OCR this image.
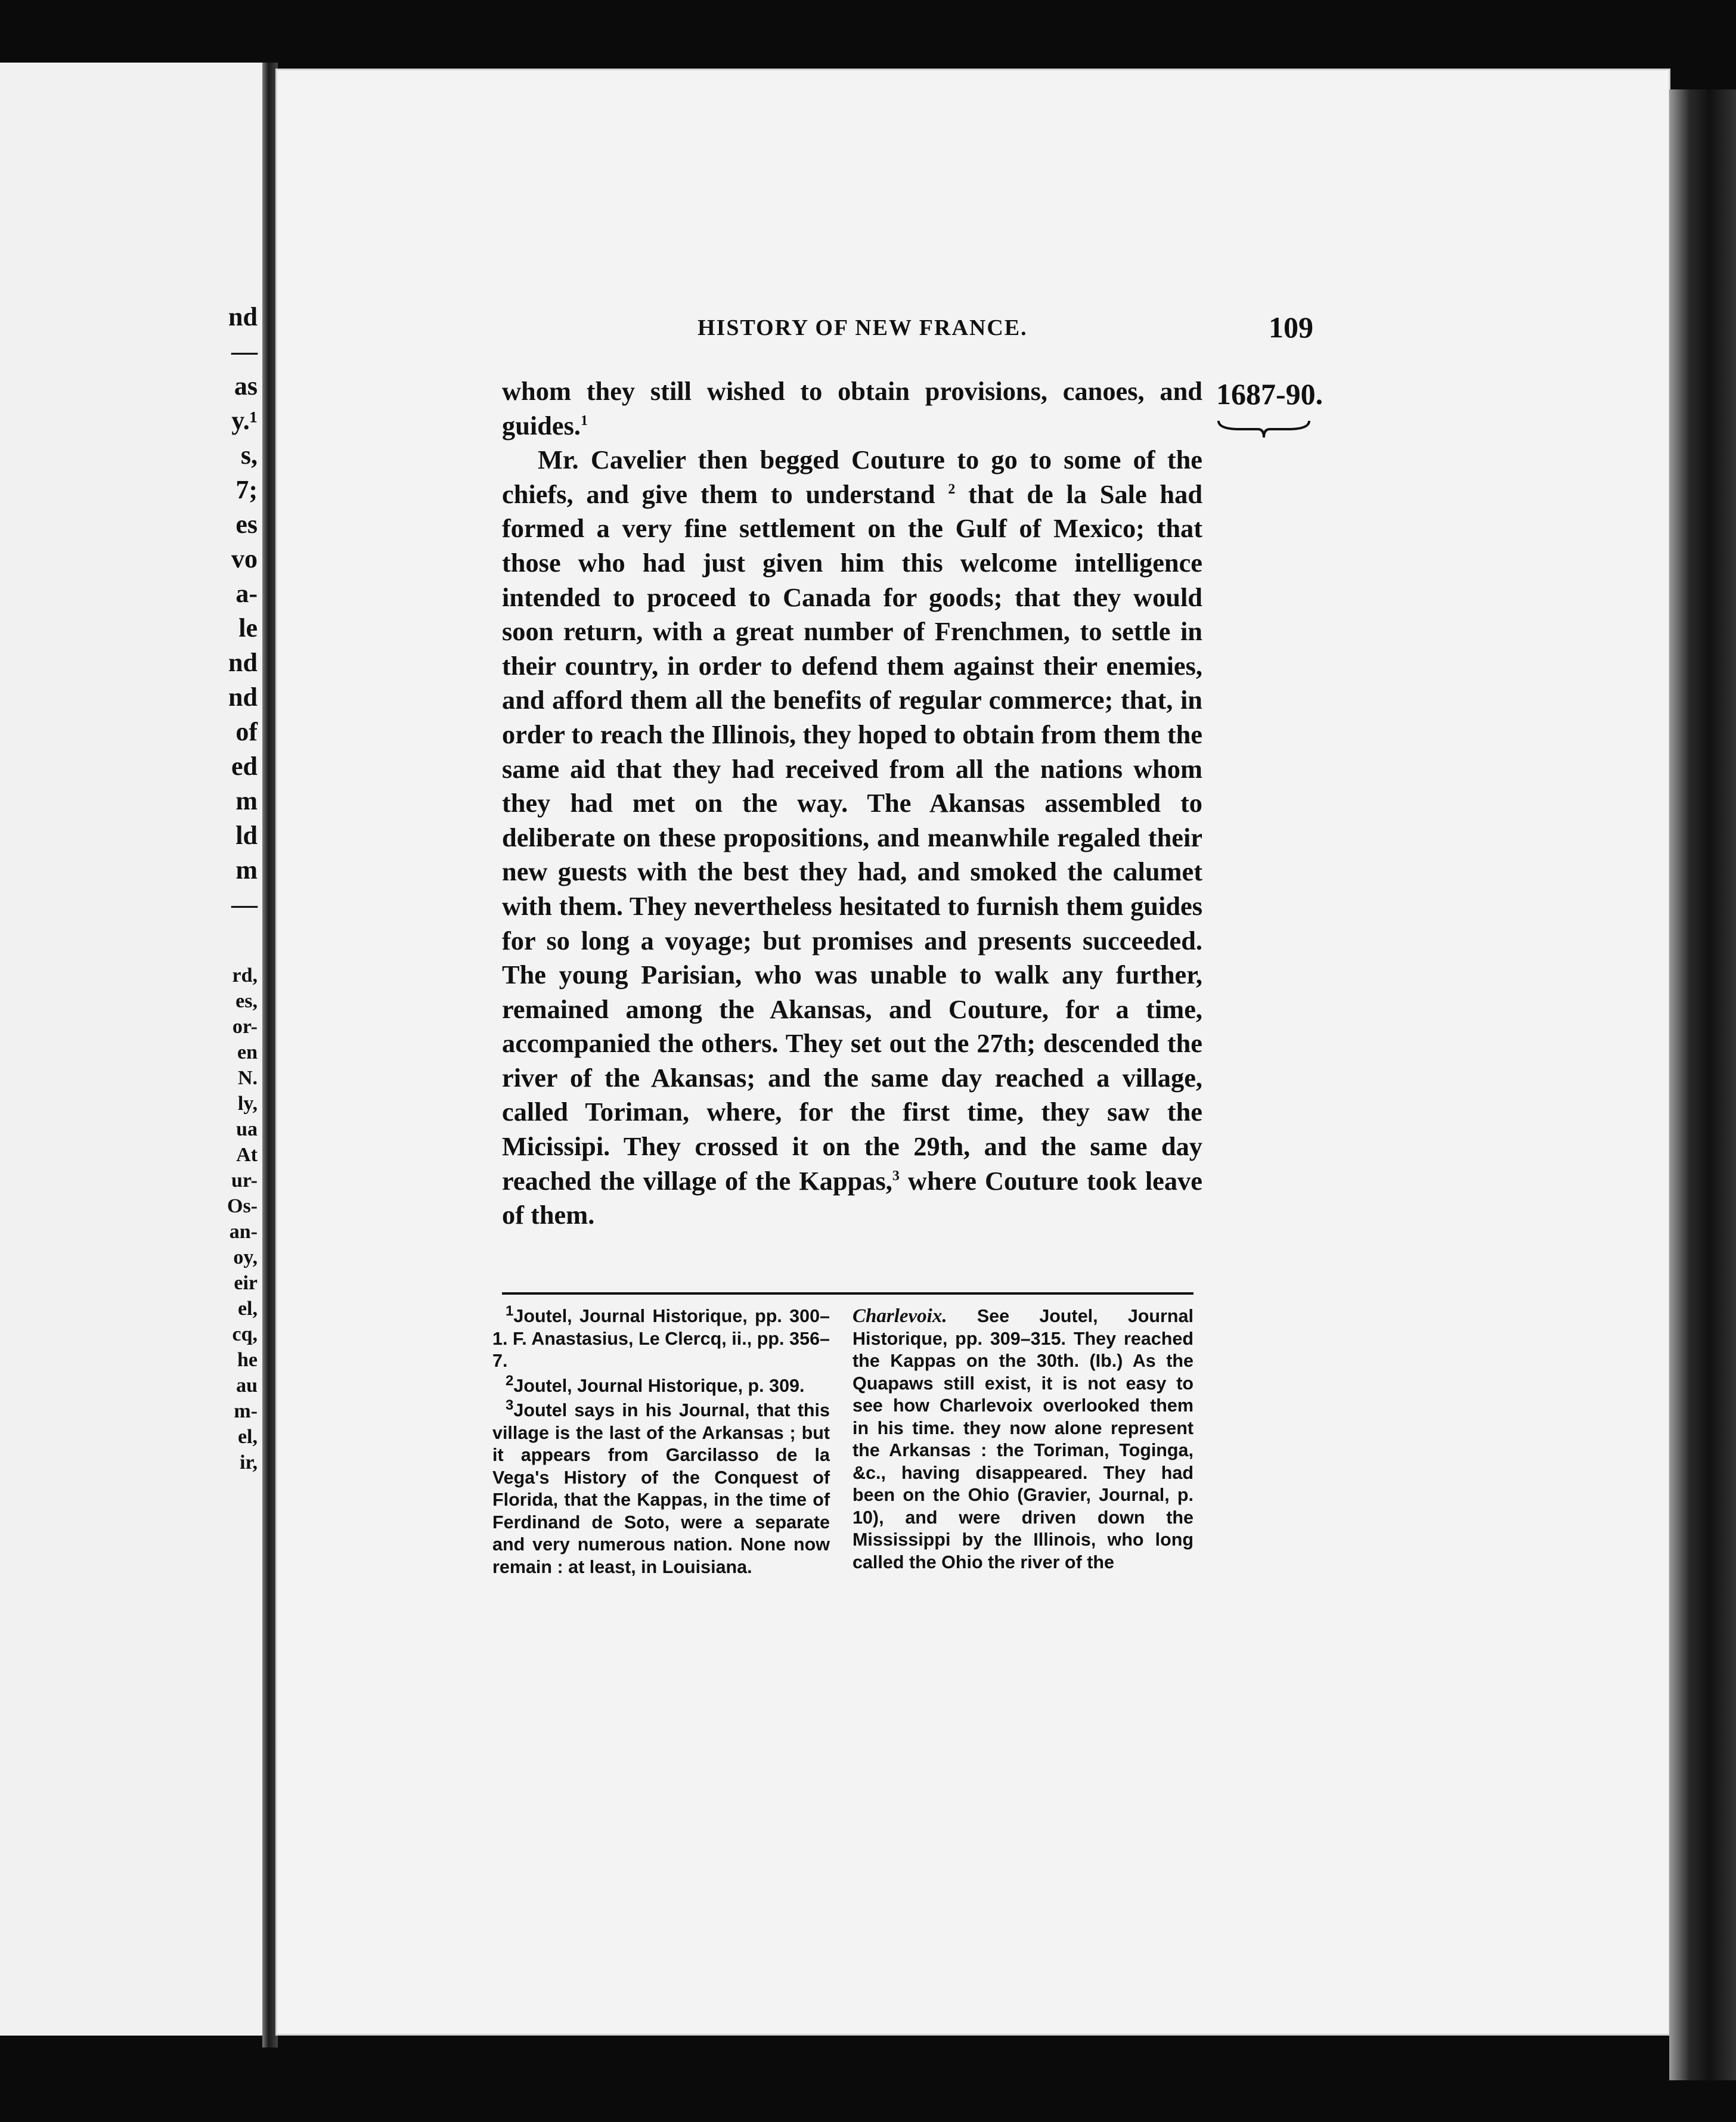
nd
—
as
y.¹
s,
7;
es
vo
a-
le
nd
nd
of
ed
m
ld
m
—
rd,
es,
or-
en
N.
ly,
ua
At
ur-
Os-
an-
oy,
eir
el,
cq,
he
au
m-
el,
ir,
HISTORY OF NEW FRANCE.	109
1687-90.

whom they still wished to obtain provisions, canoes, and guides.$^1$

Mr. Cavelier then begged Couture to go to some of the chiefs, and give them to understand $^2$ that de la Sale had formed a very fine settlement on the Gulf of Mexico; that those who had just given him this welcome intelligence intended to proceed to Canada for goods; that they would soon return, with a great number of Frenchmen, to settle in their country, in order to defend them against their enemies, and afford them all the benefits of regular commerce; that, in order to reach the Illinois, they hoped to obtain from them the same aid that they had received from all the nations whom they had met on the way. The Akansas assembled to deliberate on these propositions, and meanwhile regaled their new guests with the best they had, and smoked the calumet with them. They nevertheless hesitated to furnish them guides for so long a voyage; but promises and presents succeeded. The young Parisian, who was unable to walk any further, remained among the Akansas, and Couture, for a time, accompanied the others. They set out the 27th; descended the river of the Akansas; and the same day reached a village, called Toriman, where, for the first time, they saw the Micissipi. They crossed it on the 29th, and the same day reached the village of the Kappas,$^3$ where Couture took leave of them.

$^1$Joutel, Journal Historique, pp. 300–1. F. Anastasius, Le Clercq, ii., pp. 356–7.

$^2$Joutel, Journal Historique, p. 309.

$^3$Joutel says in his Journal, that this village is the last of the Arkansas ; but it appears from Garcilasso de la Vega's History of the Conquest of Florida, that the Kappas, in the time of Ferdinand de Soto, were a separate and very numerous nation. None now remain : at least, in Louisiana.

Charlevoix. See Joutel, Journal Historique, pp. 309–315. They reached the Kappas on the 30th. (Ib.) As the Quapaws still exist, it is not easy to see how Charlevoix overlooked them in his time. they now alone represent the Arkansas : the Toriman, Toginga, &c., having disappeared. They had been on the Ohio (Gravier, Journal, p. 10), and were driven down the Mississippi by the Illinois, who long called the Ohio the river of the
